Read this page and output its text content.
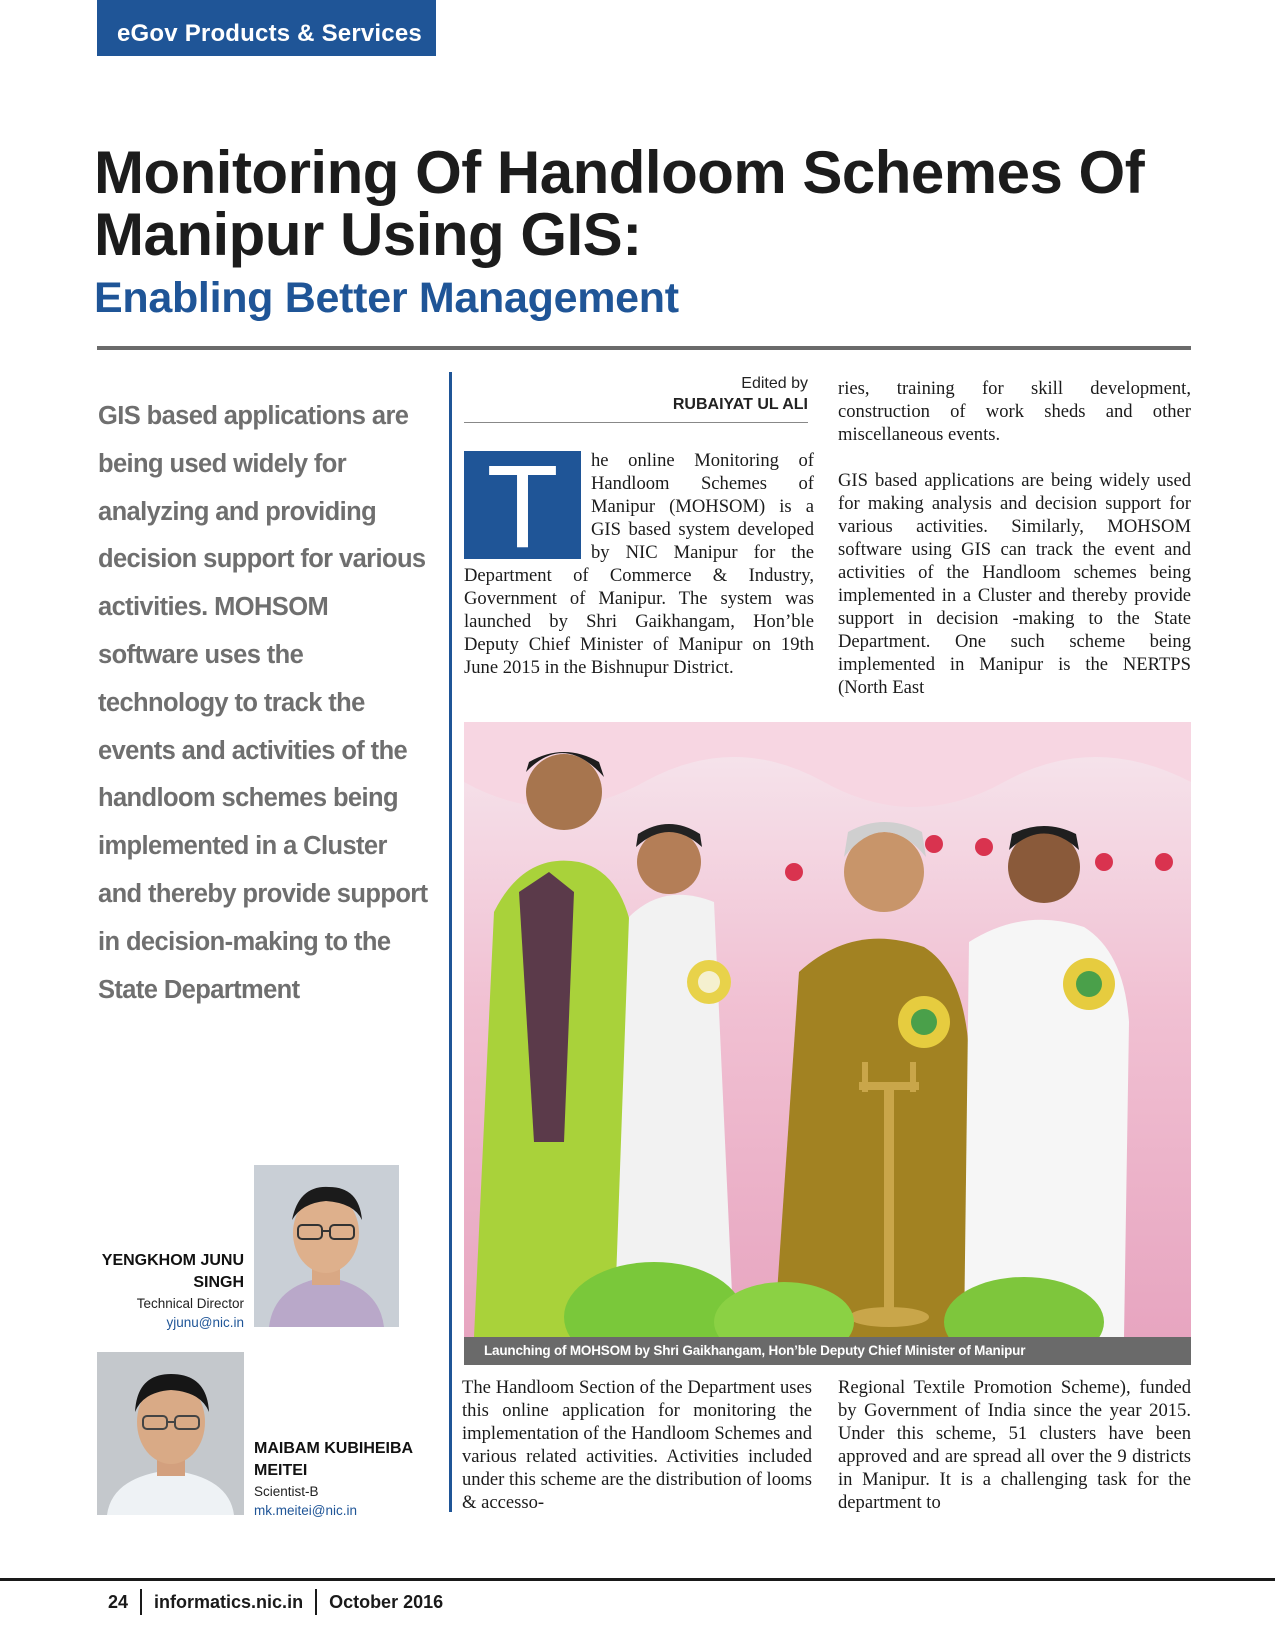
eGov Products & Services
Monitoring Of Handloom Schemes Of
Manipur Using GIS:
Enabling Better Management
GIS based applications are being used widely for analyzing and providing decision support for various activities. MOHSOM software uses the technology to track the events and activities of the handloom schemes being implemented in a Cluster and thereby provide support in decision-making to the State Department
Edited by
RUBAIYAT UL ALI
T	he online Monitoring of Handloom Schemes of Manipur (MOHSOM) is a GIS based system developed by NIC Manipur for the Department of Commerce & Industry, Government of Manipur. The system was launched by Shri Gaikhangam, Hon’ble Deputy Chief Minister of Manipur on 19th June 2015 in the Bishnupur District.

ries, training for skill development, construction of work sheds and other miscellaneous events.

GIS based applications are being widely used for making analysis and decision support for various activities. Similarly, MOHSOM software using GIS can track the event and activities of the Handloom schemes being implemented in a Cluster and thereby provide support in decision -making to the State Department. One such scheme being implemented in Manipur is the NERTPS (North East

Launching of MOHSOM by Shri Gaikhangam, Hon’ble Deputy Chief Minister of Manipur
The Handloom Section of the Department uses this online application for monitoring the implementation of the Handloom Schemes and various related activities. Activities included under this scheme are the distribution of looms & accesso-
Regional Textile Promotion Scheme), funded by Government of India since the year 2015. Under this scheme, 51 clusters have been approved and are spread all over the 9 districts in Manipur. It is a challenging task for the department to
YENGKHOM JUNU SINGH
Technical Director
yjunu@nic.in
MAIBAM KUBIHEIBA MEITEI
Scientist-B
mk.meitei@nic.in
24 informatics.nic.in October 2016
